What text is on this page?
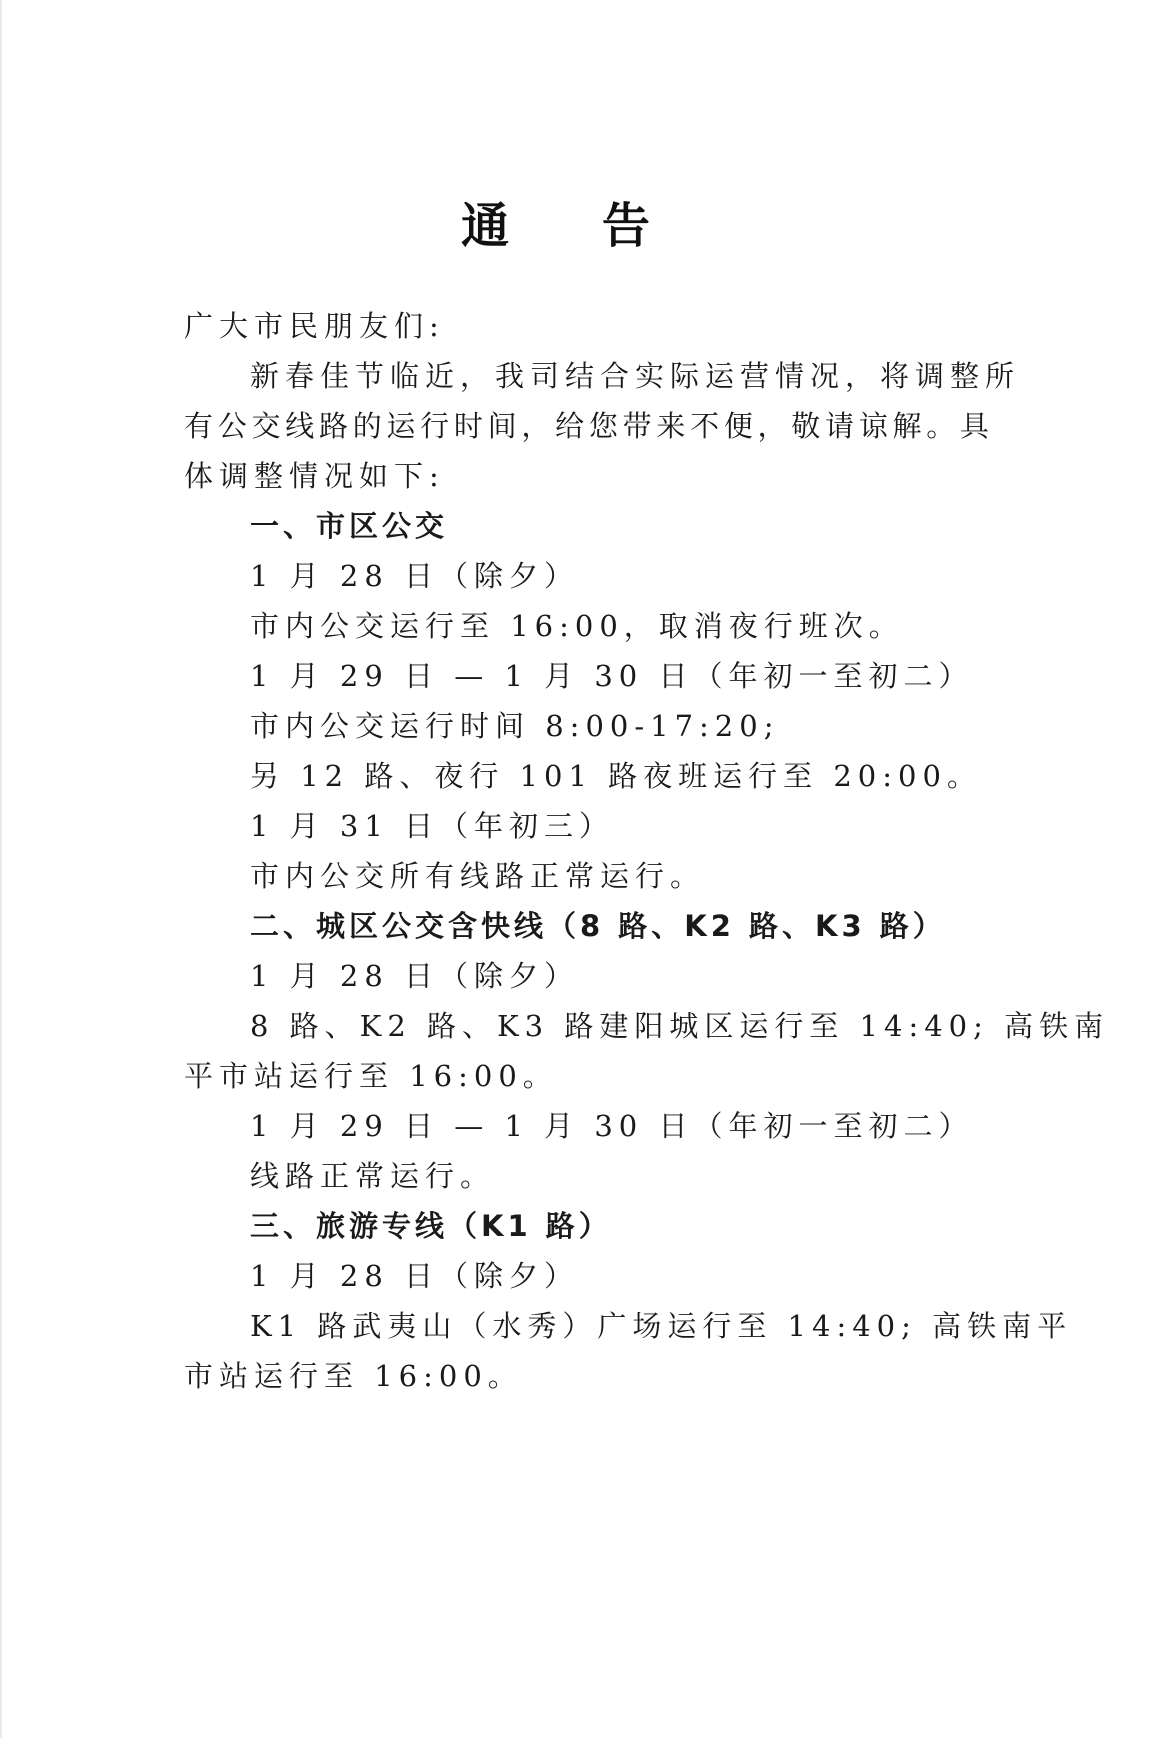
通 告
广大市民朋友们:
新春佳节临近，我司结合实际运营情况，将调整所
有公交线路的运行时间，给您带来不便，敬请谅解。具
体调整情况如下:
一、市区公交
1 月 28 日（除夕）
市内公交运行至 16:00，取消夜行班次。
1 月 29 日 — 1 月 30 日（年初一至初二）
市内公交运行时间 8:00-17:20;
另 12 路、夜行 101 路夜班运行至 20:00。
1 月 31 日（年初三）
市内公交所有线路正常运行。
二、城区公交含快线（8 路、K2 路、K3 路）
1 月 28 日（除夕）
8 路、K2 路、K3 路建阳城区运行至 14:40; 高铁南
平市站运行至 16:00。
1 月 29 日 — 1 月 30 日（年初一至初二）
线路正常运行。
三、旅游专线（K1 路）
1 月 28 日（除夕）
K1 路武夷山（水秀）广场运行至 14:40; 高铁南平
市站运行至 16:00。
